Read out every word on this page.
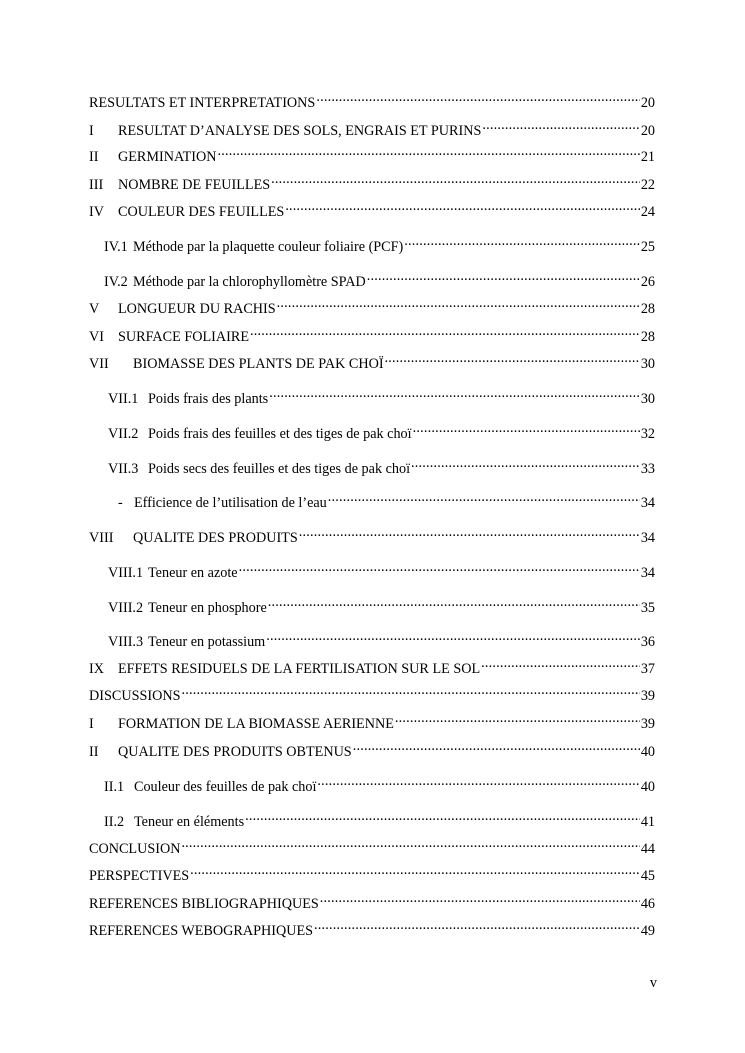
RESULTATS ET INTERPRETATIONS .....	20
I	RESULTAT D’ANALYSE DES SOLS, ENGRAIS ET PURINS .....	20
II	GERMINATION .....	21
III	NOMBRE DE FEUILLES .....	22
IV COULEUR DES FEUILLES .....	24
IV.1 Méthode par la plaquette couleur foliaire (PCF) .....	25
IV.2 Méthode par la chlorophyllomètre SPAD .....	26
V	LONGUEUR DU RACHIS .....	28
VI SURFACE FOLIAIRE .....	28
VII	BIOMASSE DES PLANTS DE PAK CHOÏ .....	30
VII.1 Poids frais des plants .....	30
VII.2 Poids frais des feuilles et des tiges de pak choï .....	32
VII.3 Poids secs des feuilles et des tiges de pak choï .....	33
- Efficience de l’utilisation de l’eau .....	34
VIII	QUALITE DES PRODUITS .....	34
VIII.1 Teneur en azote .....	34
VIII.2 Teneur en phosphore .....	35
VIII.3 Teneur en potassium .....	36
IX EFFETS RESIDUELS DE LA FERTILISATION SUR LE SOL .....	37
DISCUSSIONS .....	39
I	FORMATION DE LA BIOMASSE AERIENNE .....	39
II	QUALITE DES PRODUITS OBTENUS .....	40
II.1 Couleur des feuilles de pak choï .....	40
II.2 Teneur en éléments .....	41
CONCLUSION .....	44
PERSPECTIVES .....	45
REFERENCES BIBLIOGRAPHIQUES .....	46
REFERENCES WEBOGRAPHIQUES .....	49
v
